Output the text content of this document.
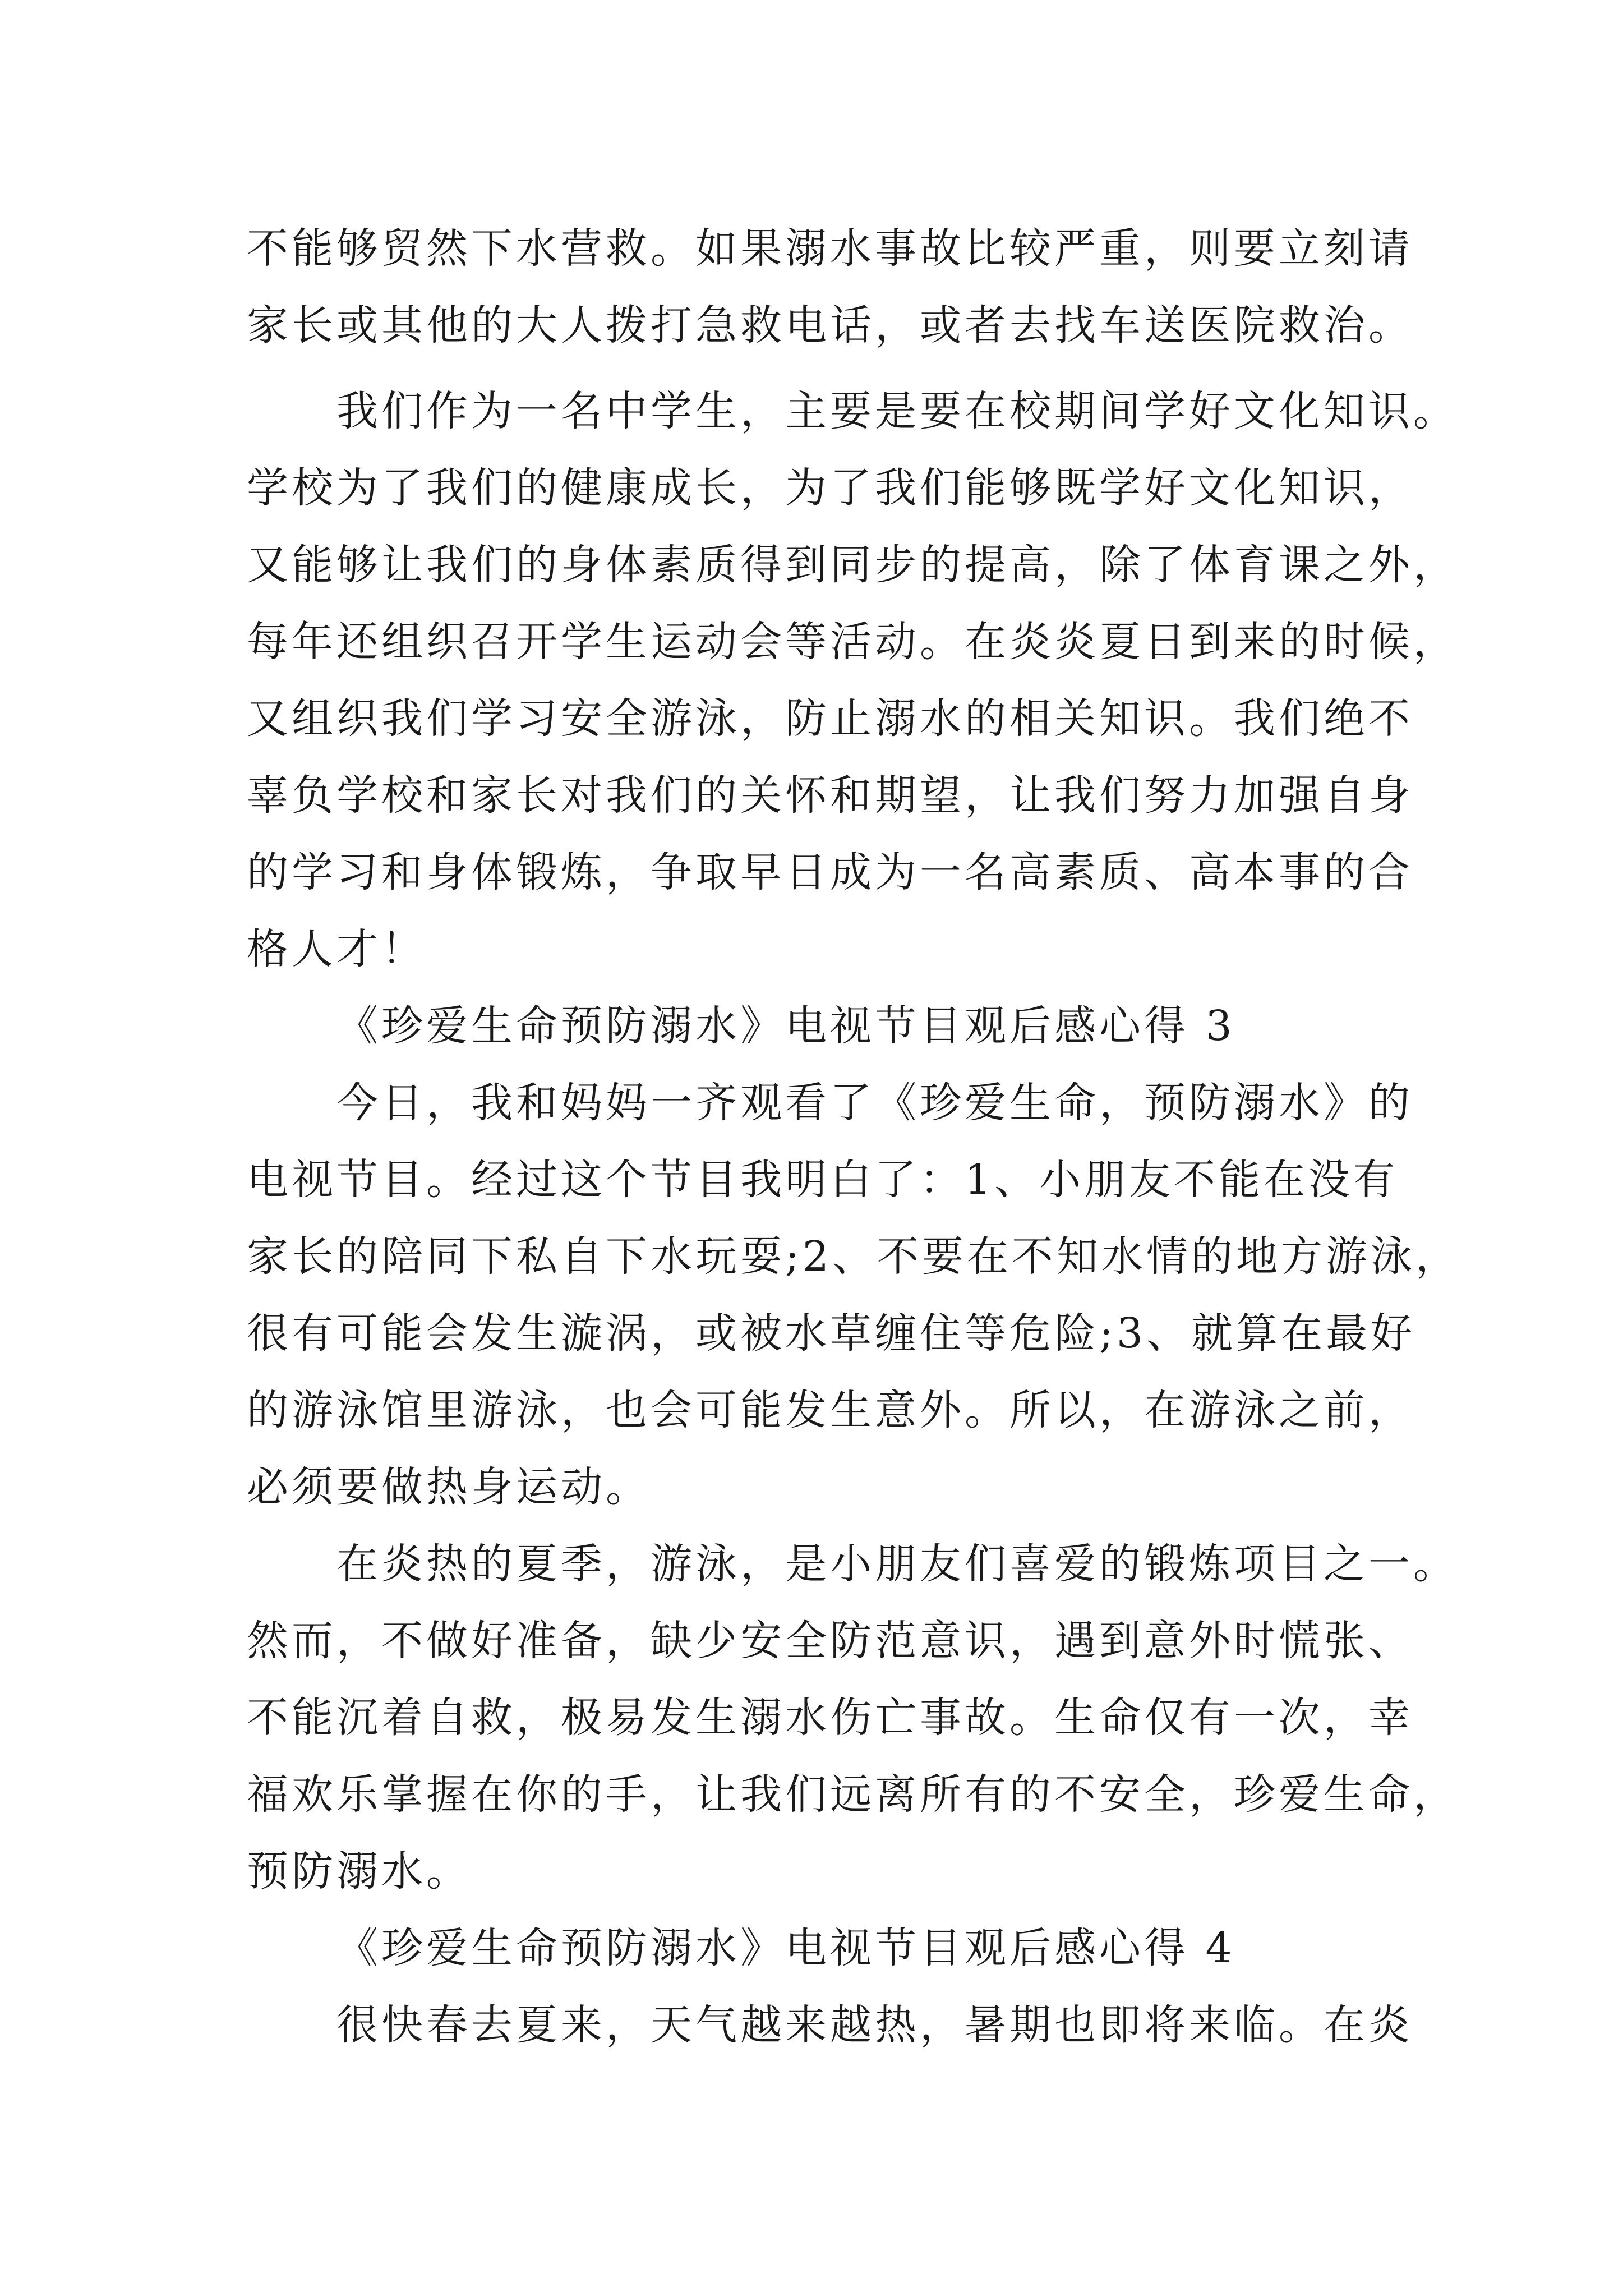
不能够贸然下水营救。如果溺水事故比较严重，则要立刻请
家长或其他的大人拨打急救电话，或者去找车送医院救治。
我们作为一名中学生，主要是要在校期间学好文化知识。
学校为了我们的健康成长，为了我们能够既学好文化知识，
又能够让我们的身体素质得到同步的提高，除了体育课之外，
每年还组织召开学生运动会等活动。在炎炎夏日到来的时候，
又组织我们学习安全游泳，防止溺水的相关知识。我们绝不
辜负学校和家长对我们的关怀和期望，让我们努力加强自身
的学习和身体锻炼，争取早日成为一名高素质、高本事的合
格人才！
《珍爱生命预防溺水》电视节目观后感心得 3
今日，我和妈妈一齐观看了《珍爱生命，预防溺水》的
电视节目。经过这个节目我明白了：1、小朋友不能在没有
家长的陪同下私自下水玩耍;2、不要在不知水情的地方游泳，
很有可能会发生漩涡，或被水草缠住等危险;3、就算在最好
的游泳馆里游泳，也会可能发生意外。所以，在游泳之前，
必须要做热身运动。
在炎热的夏季，游泳，是小朋友们喜爱的锻炼项目之一。
然而，不做好准备，缺少安全防范意识，遇到意外时慌张、
不能沉着自救，极易发生溺水伤亡事故。生命仅有一次，幸
福欢乐掌握在你的手，让我们远离所有的不安全，珍爱生命，
预防溺水。
《珍爱生命预防溺水》电视节目观后感心得 4
很快春去夏来，天气越来越热，暑期也即将来临。在炎
